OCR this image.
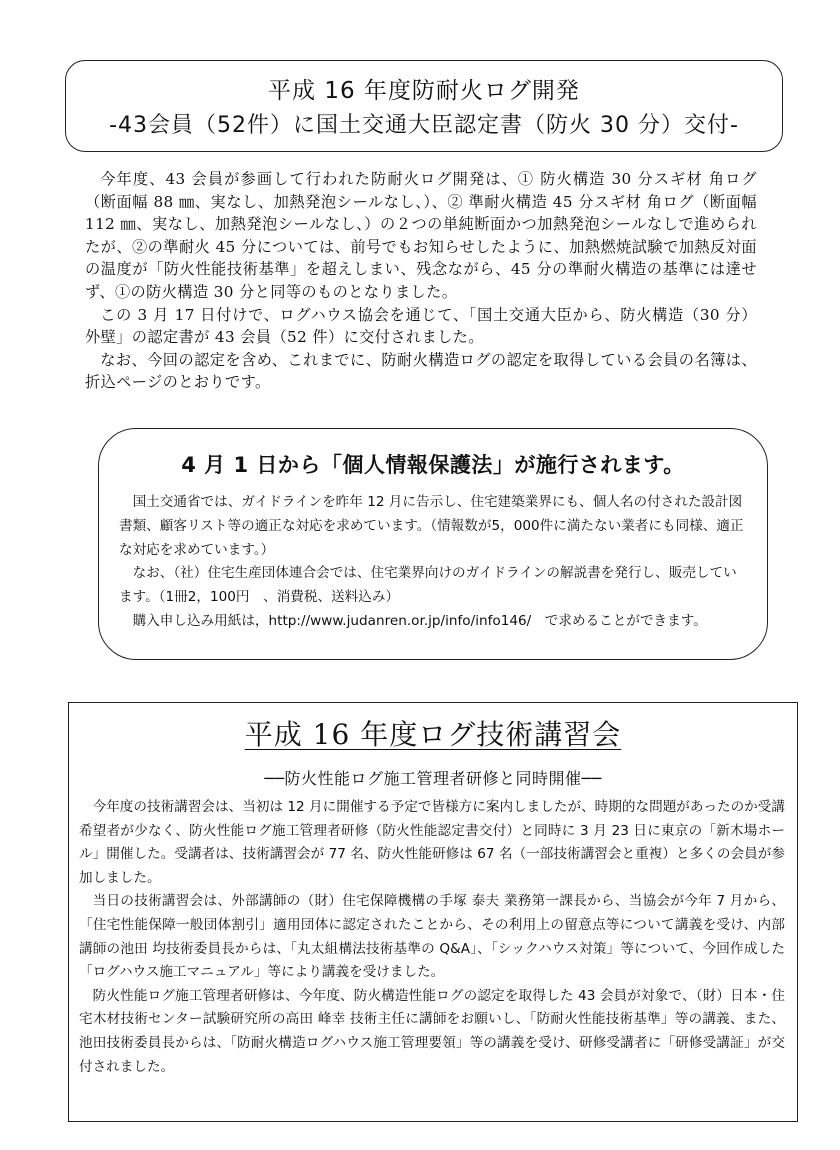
平成 16 年度防耐火ログ開発
-43会員（52件）に国土交通大臣認定書（防火 30 分）交付-

今年度、43 会員が参画して行われた防耐火ログ開発は、① 防火構造 30 分スギ材 角ログ（断面幅 88 ㎜、実なし、加熱発泡シールなし、）、② 準耐火構造 45 分スギ材 角ログ（断面幅 112 ㎜、実なし、加熱発泡シールなし、）の２つの単純断面かつ加熱発泡シールなしで進められたが、②の準耐火 45 分については、前号でもお知らせしたように、加熱燃焼試験で加熱反対面の温度が「防火性能技術基準」を超えしまい、残念ながら、45 分の準耐火構造の基準には達せず、①の防火構造 30 分と同等のものとなりました。

この 3 月 17 日付けで、ログハウス協会を通じて、「国土交通大臣から、防火構造（30 分）外壁」の認定書が 43 会員（52 件）に交付されました。

なお、今回の認定を含め、これまでに、防耐火構造ログの認定を取得している会員の名簿は、折込ページのとおりです。

4 月 1 日から「個人情報保護法」が施行されます。

国土交通省では、ガイドラインを昨年 12 月に告示し、住宅建築業界にも、個人名の付された設計図書類、顧客リスト等の適正な対応を求めています。（情報数が5，000件に満たない業者にも同様、適正な対応を求めています。）

なお、（社）住宅生産団体連合会では、住宅業界向けのガイドラインの解説書を発行し、販売しています。（1冊2，100円　、消費税、送料込み）

購入申し込み用紙は，http://www.judanren.or.jp/info/info146/　で求めることができます。

平成 16 年度ログ技術講習会
──防火性能ログ施工管理者研修と同時開催──

今年度の技術講習会は、当初は 12 月に開催する予定で皆様方に案内しましたが、時期的な問題があったのか受講希望者が少なく、防火性能ログ施工管理者研修（防火性能認定書交付）と同時に 3 月 23 日に東京の「新木場ホール」開催した。受講者は、技術講習会が 77 名、防火性能研修は 67 名（一部技術講習会と重複）と多くの会員が参加しました。

当日の技術講習会は、外部講師の（財）住宅保障機構の手塚 泰夫 業務第一課長から、当協会が今年 7 月から、「住宅性能保障一般団体割引」適用団体に認定されたことから、その利用上の留意点等について講義を受け、内部講師の池田 均技術委員長からは、「丸太組構法技術基準の Q&A」、「シックハウス対策」等について、今回作成した「ログハウス施工マニュアル」等により講義を受けました。

防火性能ログ施工管理者研修は、今年度、防火構造性能ログの認定を取得した 43 会員が対象で、（財）日本・住宅木材技術センター試験研究所の高田 峰幸 技術主任に講師をお願いし、「防耐火性能技術基準」等の講義、また、池田技術委員長からは、「防耐火構造ログハウス施工管理要領」等の講義を受け、研修受講者に「研修受講証」が交付されました。
